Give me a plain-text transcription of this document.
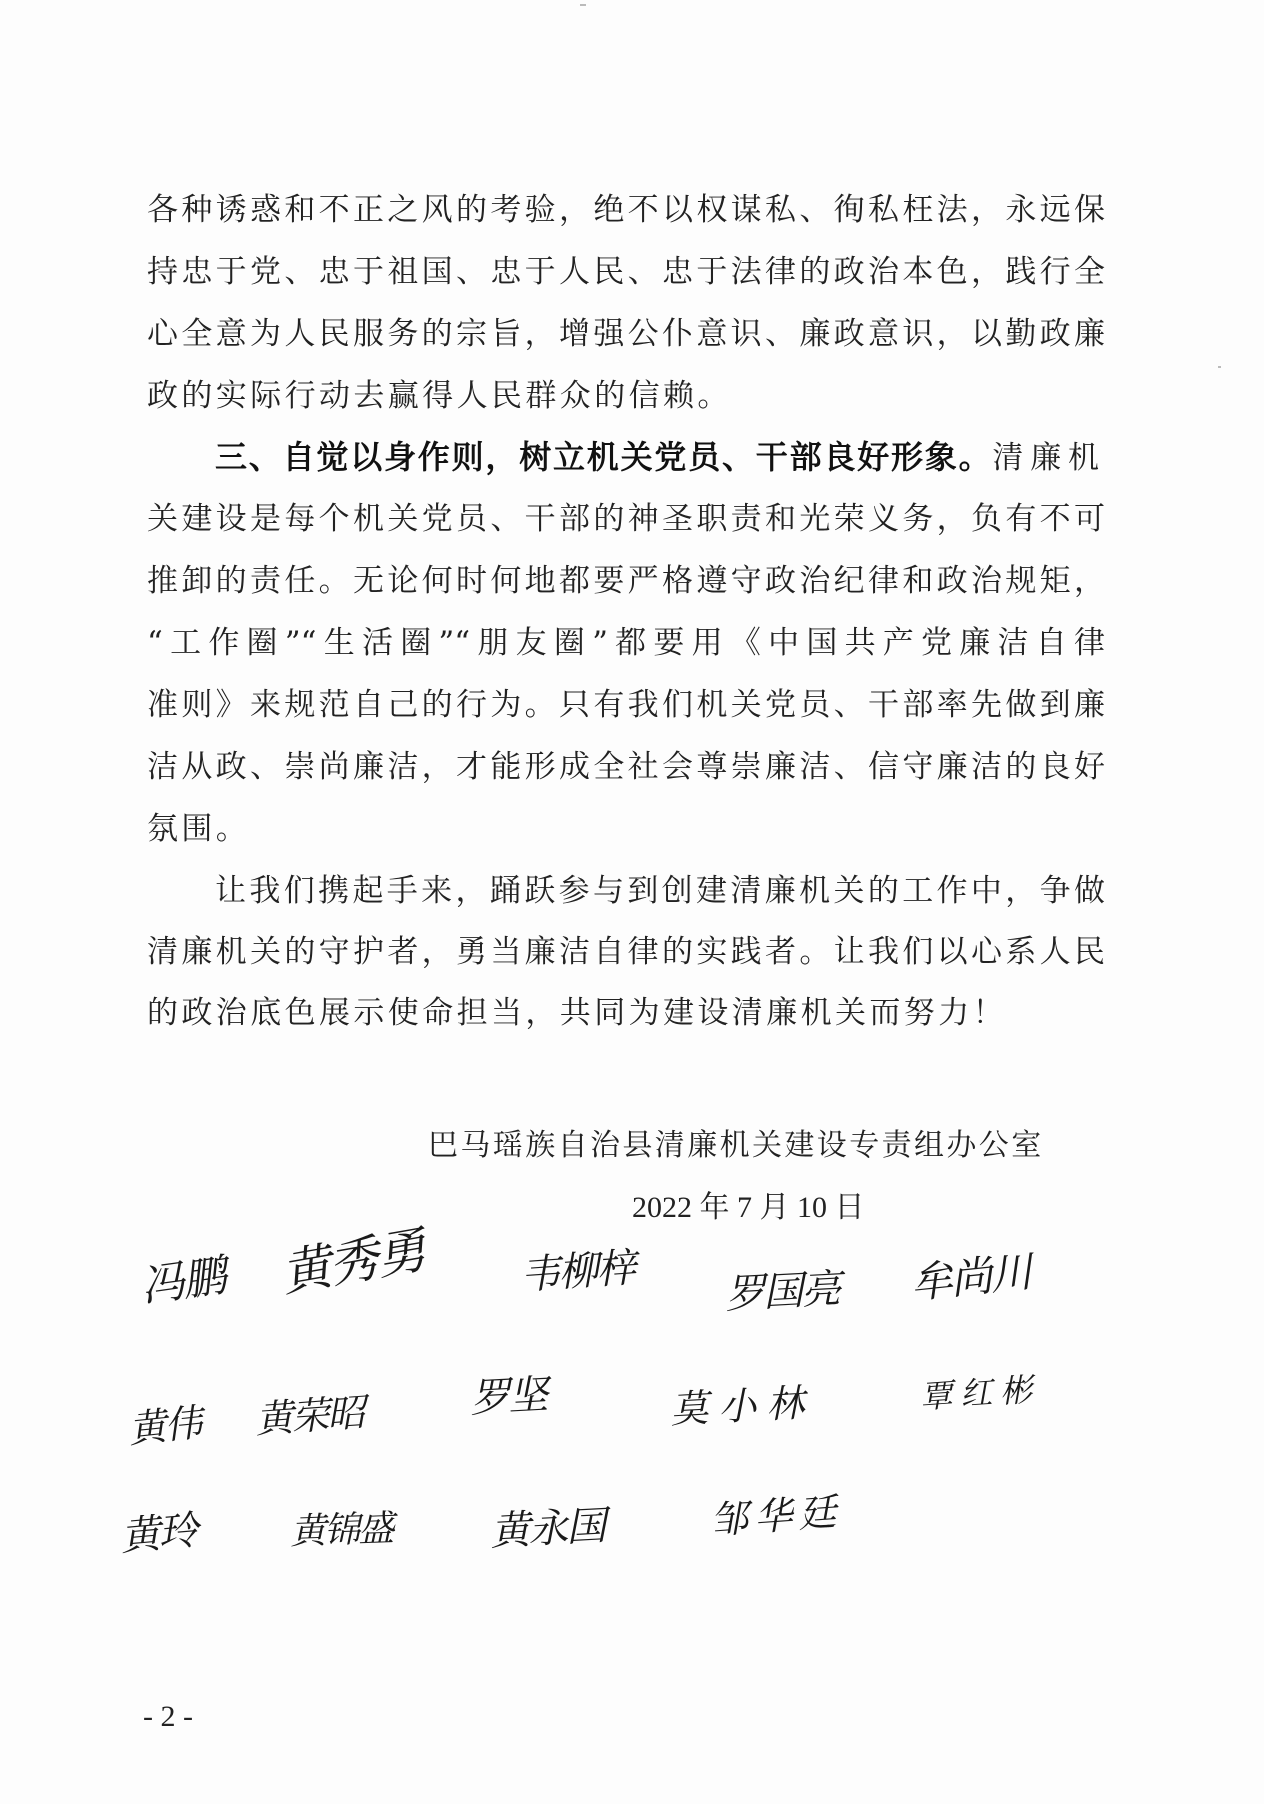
各种诱惑和不正之风的考验，绝不以权谋私、徇私枉法，永远保
持忠于党、忠于祖国、忠于人民、忠于法律的政治本色，践行全
心全意为人民服务的宗旨，增强公仆意识、廉政意识，以勤政廉
政的实际行动去赢得人民群众的信赖。
三、自觉以身作则，树立机关党员、干部良好形象。清廉机
关建设是每个机关党员、干部的神圣职责和光荣义务，负有不可
推卸的责任。无论何时何地都要严格遵守政治纪律和政治规矩，
“工作圈”“生活圈”“朋友圈”都要用《中国共产党廉洁自律
准则》来规范自己的行为。只有我们机关党员、干部率先做到廉
洁从政、崇尚廉洁，才能形成全社会尊崇廉洁、信守廉洁的良好
氛围。
让我们携起手来，踊跃参与到创建清廉机关的工作中，争做
清廉机关的守护者，勇当廉洁自律的实践者。让我们以心系人民
的政治底色展示使命担当，共同为建设清廉机关而努力！
巴马瑶族自治县清廉机关建设专责组办公室
2022 年 7 月 10 日
冯鹏 黄秀勇 韦柳梓 罗国亮 牟尚川
黄伟 黄荣昭	罗坚	莫小林	覃红彬
黄玲	黄锦盛 黄永国	邹华廷
- 2 -
